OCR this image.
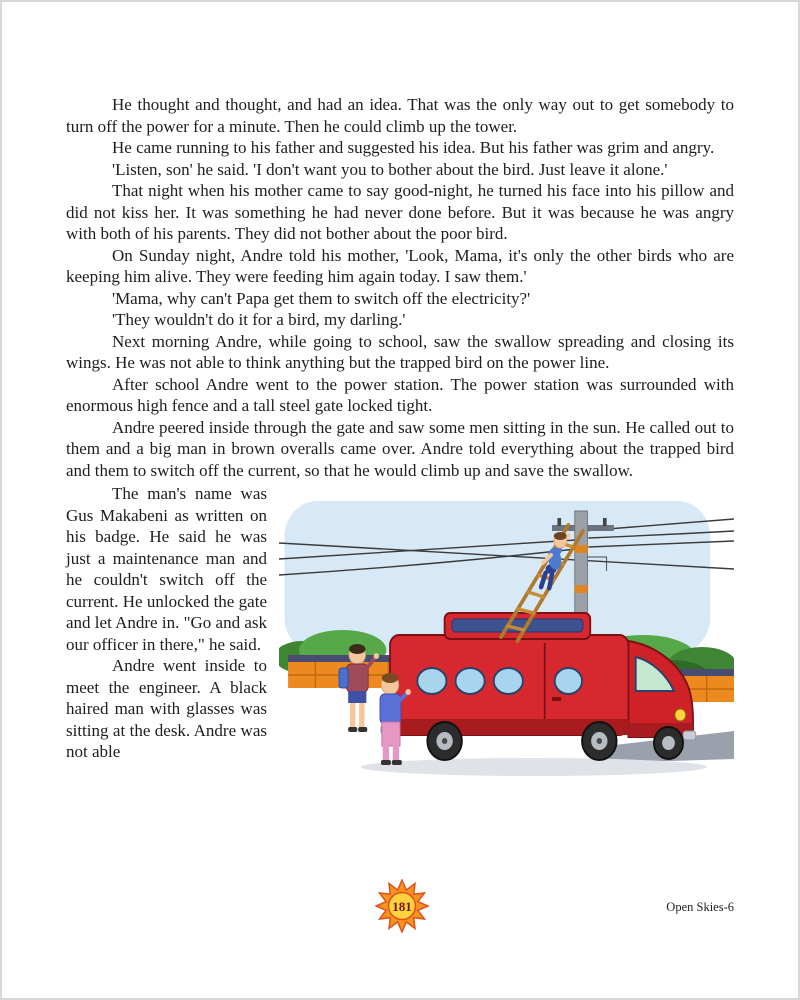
He thought and thought, and had an idea. That was the only way out to get somebody to turn off the power for a minute. Then he could climb up the tower.

He came running to his father and suggested his idea. But his father was grim and angry.

'Listen, son' he said. 'I don't want you to bother about the bird. Just leave it alone.'

That night when his mother came to say good-night, he turned his face into his pillow and did not kiss her. It was something he had never done before. But it was because he was angry with both of his parents. They did not bother about the poor bird.

On Sunday night, Andre told his mother, 'Look, Mama, it's only the other birds who are keeping him alive. They were feeding him again today. I saw them.'

'Mama, why can't Papa get them to switch off the electricity?'

'They wouldn't do it for a bird, my darling.'

Next morning Andre, while going to school, saw the swallow spreading and closing its wings. He was not able to think anything but the trapped bird on the power line.

After school Andre went to the power station. The power station was surrounded with enormous high fence and a tall steel gate locked tight.

Andre peered inside through the gate and saw some men sitting in the sun. He called out to them and a big man in brown overalls came over. Andre told everything about the trapped bird and them to switch off the current, so that he would climb up and save the swallow.

The man's name was Gus Makabeni as written on his badge. He said he was just a maintenance man and he couldn't switch off the current. He unlocked the gate and let Andre in. "Go and ask our officer in there," he said.

Andre went inside to meet the engineer. A black haired man with glasses was sitting at the desk. Andre was not able

181	Open Skies-6
